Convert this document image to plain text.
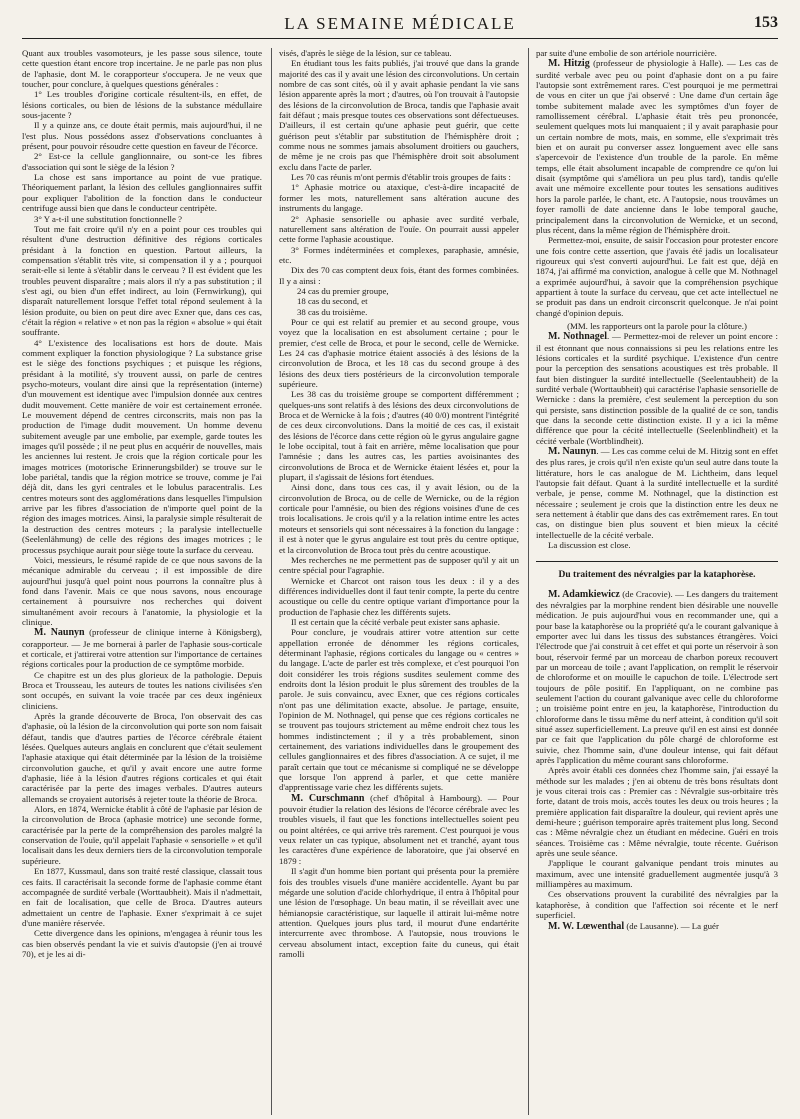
LA SEMAINE MÉDICALE	153

Quant aux troubles vasomoteurs, je les passe sous silence, toute cette question étant encore trop incertaine. Je ne parle pas non plus de l'aphasie, dont M. le corapporteur s'occupera. Je ne veux que toucher, pour conclure, à quelques questions générales :

1° Les troubles d'origine corticale résultent-ils, en effet, de lésions corticales, ou bien de lésions de la substance médullaire sous-jacente ?

Il y a quinze ans, ce doute était permis, mais aujourd'hui, il ne l'est plus. Nous possédons assez d'observations concluantes à présent, pour pouvoir résoudre cette question en faveur de l'écorce.

2° Est-ce la cellule ganglionnaire, ou sont-ce les fibres d'association qui sont le siège de la lésion ?

La chose est sans importance au point de vue pratique. Théoriquement parlant, la lésion des cellules ganglionnaires suffit pour expliquer l'abolition de la fonction dans le conducteur centrifuge aussi bien que dans le conducteur centripète.

3° Y a-t-il une substitution fonctionnelle ?

Tout me fait croire qu'il n'y en a point pour ces troubles qui résultent d'une destruction définitive des régions corticales présidant à la fonction en question. Partout ailleurs, la compensation s'établit très vite, si compensation il y a ; pourquoi serait-elle si lente à s'établir dans le cerveau ? Il est évident que les troubles peuvent disparaître ; mais alors il n'y a pas substitution ; il s'est agi, ou bien d'un effet indirect, au loin (Fernwirkung), qui disparaît naturellement lorsque l'effet total répond seulement à la lésion produite, ou bien on peut dire avec Exner que, dans ces cas, c'était la région « relative » et non pas la région « absolue » qui était souffrante.

4° L'existence des localisations est hors de doute. Mais comment expliquer la fonction physiologique ? La substance grise est le siège des fonctions psychiques ; et puisque les régions, présidant à la motilité, s'y trouvent aussi, on parle de centres psycho-moteurs, voulant dire ainsi que la représentation (interne) d'un mouvement est identique avec l'impulsion donnée aux centres dudit mouvement. Cette manière de voir est certainement erronée. Le mouvement dépend de centres circonscrits, mais non pas la production de l'image dudit mouvement. Un homme devenu subitement aveugle par une embolie, par exemple, garde toutes les images qu'il possède ; il ne peut plus en acquérir de nouvelles, mais les anciennes lui restent. Je crois que la région corticale pour les images motrices (motorische Erinnerungsbilder) se trouve sur le lobe pariétal, tandis que la région motrice se trouve, comme je l'ai déjà dit, dans les gyri centrales et le lobulus paracentralis. Les centres moteurs sont des agglomérations dans lesquelles l'impulsion arrive par les fibres d'association de n'importe quel point de la région des images motrices. Ainsi, la paralysie simple résulterait de la destruction des centres moteurs ; la paralysie intellectuelle (Seelenlähmung) de celle des régions des images motrices ; le processus psychique aurait pour siège toute la surface du cerveau.

Voici, messieurs, le résumé rapide de ce que nous savons de la mécanique admirable du cerveau ; il est impossible de dire aujourd'hui jusqu'à quel point nous pourrons la connaître plus à fond dans l'avenir. Mais ce que nous savons, nous encourage certainement à poursuivre nos recherches qui doivent simultanément avoir recours à l'anatomie, la physiologie et la clinique.

M. Naunyn (professeur de clinique interne à Königsberg), corapporteur. — Je me bornerai à parler de l'aphasie sous-corticale et corticale, et j'attirerai votre attention sur l'importance de certaines régions corticales pour la production de ce symptôme morbide.

Ce chapitre est un des plus glorieux de la pathologie. Depuis Broca et Trousseau, les auteurs de toutes les nations civilisées s'en sont occupés, en suivant la voie tracée par ces deux ingénieux cliniciens.

Après la grande découverte de Broca, l'on observait des cas d'aphasie, où la lésion de la circonvolution qui porte son nom faisait défaut, tandis que d'autres parties de l'écorce cérébrale étaient lésées. Quelques auteurs anglais en conclurent que c'était seulement l'aphasie ataxique qui était déterminée par la lésion de la troisième circonvolution gauche, et qu'il y avait encore une autre forme d'aphasie, liée à la lésion d'autres régions corticales et qui était caractérisée par la perte des images verbales. D'autres auteurs allemands se croyaient autorisés à rejeter toute la théorie de Broca.

Alors, en 1874, Wernicke établit à côté de l'aphasie par lésion de la circonvolution de Broca (aphasie motrice) une seconde forme, caractérisée par la perte de la compréhension des paroles malgré la conservation de l'ouïe, qu'il appelait l'aphasie « sensorielle » et qu'il localisait dans les deux derniers tiers de la circonvolution temporale supérieure.

En 1877, Kussmaul, dans son traité resté classique, classait tous ces faits. Il caractérisait la seconde forme de l'aphasie comme étant accompagnée de surdité verbale (Worttaubheit). Mais il n'admettait, en fait de localisation, que celle de Broca. D'autres auteurs admettaient un centre de l'aphasie. Exner s'exprimait à ce sujet d'une manière réservée.

Cette divergence dans les opinions, m'engagea à réunir tous les cas bien observés pendant la vie et suivis d'autopsie (j'en ai trouvé 70), et je les ai di-

visés, d'après le siège de la lésion, sur ce tableau.

En étudiant tous les faits publiés, j'ai trouvé que dans la grande majorité des cas il y avait une lésion des circonvolutions. Un certain nombre de cas sont cités, où il y avait aphasie pendant la vie sans lésion apparente après la mort ; d'autres, où l'on trouvait à l'autopsie des lésions de la circonvolution de Broca, tandis que l'aphasie avait fait défaut ; mais presque toutes ces observations sont défectueuses. D'ailleurs, il est certain qu'une aphasie peut guérir, que cette guérison peut s'établir par substitution de l'hémisphère droit ; comme nous ne sommes jamais absolument droitiers ou gauchers, de même je ne crois pas que l'hémisphère droit soit absolument exclu dans l'acte de parler.

Les 70 cas réunis m'ont permis d'établir trois groupes de faits :

1° Aphasie motrice ou ataxique, c'est-à-dire incapacité de former les mots, naturellement sans altération aucune des instruments du langage.

2° Aphasie sensorielle ou aphasie avec surdité verbale, naturellement sans altération de l'ouïe. On pourrait aussi appeler cette forme l'aphasie acoustique.

3° Formes indéterminées et complexes, paraphasie, amnésie, etc.

Dix des 70 cas comptent deux fois, étant des formes combinées. Il y a ainsi :

24 cas du premier groupe,

18 cas du second, et

38 cas du troisième.

Pour ce qui est relatif au premier et au second groupe, vous voyez que la localisation en est absolument certaine ; pour le premier, c'est celle de Broca, et pour le second, celle de Wernicke. Les 24 cas d'aphasie motrice étaient associés à des lésions de la circonvolution de Broca, et les 18 cas du second groupe à des lésions des deux tiers postérieurs de la circonvolution temporale supérieure.

Les 38 cas du troisième groupe se comportent différemment ; quelques-uns sont relatifs à des lésions des deux circonvolutions de Broca et de Wernicke à la fois ; d'autres (40 0/0) montrent l'intégrité de ces deux circonvolutions. Dans la moitié de ces cas, il existait des lésions de l'écorce dans cette région où le gyrus angulaire gagne le lobe occipital, tout à fait en arrière, même localisation que pour l'amnésie ; dans les autres cas, les parties avoisinantes des circonvolutions de Broca et de Wernicke étaient lésées et, pour la plupart, il s'agissait de lésions fort étendues.

Ainsi donc, dans tous ces cas, il y avait lésion, ou de la circonvolution de Broca, ou de celle de Wernicke, ou de la région corticale pour l'amnésie, ou bien des régions voisines d'une de ces trois localisations. Je crois qu'il y a la relation intime entre les actes moteurs et sensoriels qui sont nécessaires à la fonction du langage : il est à noter que le gyrus angulaire est tout près du centre optique, et la circonvolution de Broca tout près du centre acoustique.

Mes recherches ne me permettent pas de supposer qu'il y ait un centre spécial pour l'agraphie.

Wernicke et Charcot ont raison tous les deux : il y a des différences individuelles dont il faut tenir compte, la perte du centre acoustique ou celle du centre optique variant d'importance pour la production de l'aphasie chez les différents sujets.

Il est certain que la cécité verbale peut exister sans aphasie.

Pour conclure, je voudrais attirer votre attention sur cette appellation erronée de dénommer les régions corticales, déterminant l'aphasie, régions corticales du langage ou « centres » du langage. L'acte de parler est très complexe, et c'est pourquoi l'on doit considérer les trois régions susdites seulement comme des endroits dont la lésion produit le plus sûrement des troubles de la parole. Je suis convaincu, avec Exner, que ces régions corticales n'ont pas une délimitation exacte, absolue. Je partage, ensuite, l'opinion de M. Nothnagel, qui pense que ces régions corticales ne se trouvent pas toujours strictement au même endroit chez tous les hommes indistinctement ; il y a très probablement, sinon certainement, des variations individuelles dans le groupement des cellules ganglionnaires et des fibres d'association. A ce sujet, il me paraît certain que tout ce mécanisme si compliqué ne se développe que lorsque l'on apprend à parler, et que cette manière d'apprentissage varie chez les différents sujets.

M. Curschmann (chef d'hôpital à Hambourg). — Pour pouvoir étudier la relation des lésions de l'écorce cérébrale avec les troubles visuels, il faut que les fonctions intellectuelles soient peu ou point altérées, ce qui arrive très rarement. C'est pourquoi je vous veux relater un cas typique, absolument net et tranché, ayant tous les caractères d'une expérience de laboratoire, que j'ai observé en 1879 :

Il s'agit d'un homme bien portant qui présenta pour la première fois des troubles visuels d'une manière accidentelle. Ayant bu par mégarde une solution d'acide chlorhydrique, il entra à l'hôpital pour une lésion de l'œsophage. Un beau matin, il se réveillait avec une hémianopsie caractéristique, sur laquelle il attirait lui-même notre attention. Quelques jours plus tard, il mourut d'une endartérite intercurrente avec thrombose. A l'autopsie, nous trouvions le cerveau absolument intact, exception faite du cuneus, qui était ramolli

par suite d'une embolie de son artériole nourricière.

M. Hitzig (professeur de physiologie à Halle). — Les cas de surdité verbale avec peu ou point d'aphasie dont on a pu faire l'autopsie sont extrêmement rares. C'est pourquoi je me permettrai de vous en citer un que j'ai observé : Une dame d'un certain âge tombe subitement malade avec les symptômes d'un foyer de ramollissement cérébral. L'aphasie était très peu prononcée, seulement quelques mots lui manquaient ; il y avait paraphasie pour un certain nombre de mots, mais, en somme, elle s'exprimait très bien et on aurait pu converser assez longuement avec elle sans s'apercevoir de l'existence d'un trouble de la parole. En même temps, elle était absolument incapable de comprendre ce qu'on lui disait (symptôme qui s'améliora un peu plus tard), tandis qu'elle avait une mémoire excellente pour toutes les sensations auditives hors la parole parlée, le chant, etc. A l'autopsie, nous trouvâmes un foyer ramolli de date ancienne dans le lobe temporal gauche, principalement dans la circonvolution de Wernicke, et un second, plus récent, dans la même région de l'hémisphère droit.

Permettez-moi, ensuite, de saisir l'occasion pour protester encore une fois contre cette assertion, que j'avais été jadis un localisateur rigoureux qui s'est converti aujourd'hui. Le fait est que, déjà en 1874, j'ai affirmé ma conviction, analogue à celle que M. Nothnagel a exprimée aujourd'hui, à savoir que la compréhension psychique appartient à toute la surface du cerveau, que cet acte intellectuel ne se produit pas dans un endroit circonscrit quelconque. Je n'ai point changé d'opinion depuis.

(MM. les rapporteurs ont la parole pour la clôture.)

M. Nothnagel. — Permettez-moi de relever un point encore : il est étonnant que nous connaissions si peu les relations entre les lésions corticales et la surdité psychique. L'existence d'un centre pour la perception des sensations acoustiques est très probable. Il faut bien distinguer la surdité intellectuelle (Seelentaubheit) de la surdité verbale (Worttaubheit) qui caractérise l'aphasie sensorielle de Wernicke : dans la première, c'est seulement la perception du son qui persiste, sans distinction possible de la qualité de ce son, tandis que dans la seconde cette distinction existe. Il y a ici la même différence que pour la cécité intellectuelle (Seelenblindheit) et la cécité verbale (Wortblindheit).

M. Naunyn. — Les cas comme celui de M. Hitzig sont en effet des plus rares, je crois qu'il n'en existe qu'un seul autre dans toute la littérature, hors le cas analogue de M. Lichtheim, dans lequel l'autopsie fait défaut. Quant à la surdité intellectuelle et la surdité verbale, je pense, comme M. Nothnagel, que la distinction est nécessaire ; seulement je crois que la distinction entre les deux ne sera nettement à établir que dans des cas extrêmement rares. En tout cas, on distingue bien plus souvent et bien mieux la cécité intellectuelle de la cécité verbale.

La discussion est close.

Du traitement des névralgies par la kataphorèse.

M. Adamkiewicz (de Cracovie). — Les dangers du traitement des névralgies par la morphine rendent bien désirable une nouvelle médication. Je puis aujourd'hui vous en recommander une, qui a pour base la kataphorèse ou la propriété qu'a le courant galvanique à emporter avec lui dans les tissus des substances étrangères. Voici l'électrode que j'ai construit à cet effet et qui porte un réservoir à son bout, réservoir fermé par un morceau de charbon poreux recouvert par un morceau de toile ; avant l'application, on remplit le réservoir de chloroforme et on mouille le capuchon de toile. L'électrode sert toujours de pôle positif. En l'appliquant, on ne combine pas seulement l'action du courant galvanique avec celle du chloroforme ; un troisième point entre en jeu, la kataphorèse, l'introduction du chloroforme dans le tissu même du nerf atteint, à condition qu'il soit situé assez superficiellement. La preuve qu'il en est ainsi est donnée par ce fait que l'application du pôle chargé de chloroforme est suivie, chez l'homme sain, d'une douleur intense, qui fait défaut après l'application du même courant sans chloroforme.

Après avoir établi ces données chez l'homme sain, j'ai essayé la méthode sur les malades ; j'en ai obtenu de très bons résultats dont je vous citerai trois cas : Premier cas : Névralgie sus-orbitaire très forte, datant de trois mois, accès toutes les deux ou trois heures ; la première application fait disparaître la douleur, qui revient après une demi-heure ; guérison temporaire après traitement plus long. Second cas : Même névralgie chez un étudiant en médecine. Guéri en trois séances. Troisième cas : Même névralgie, toute récente. Guérison après une seule séance.

J'applique le courant galvanique pendant trois minutes au maximum, avec une intensité graduellement augmentée jusqu'à 3 milliampères au maximum.

Ces observations prouvent la curabilité des névralgies par la kataphorèse, à condition que l'affection soi récente et le nerf superficiel.

M. W. Lœwenthal (de Lausanne). — La guér
